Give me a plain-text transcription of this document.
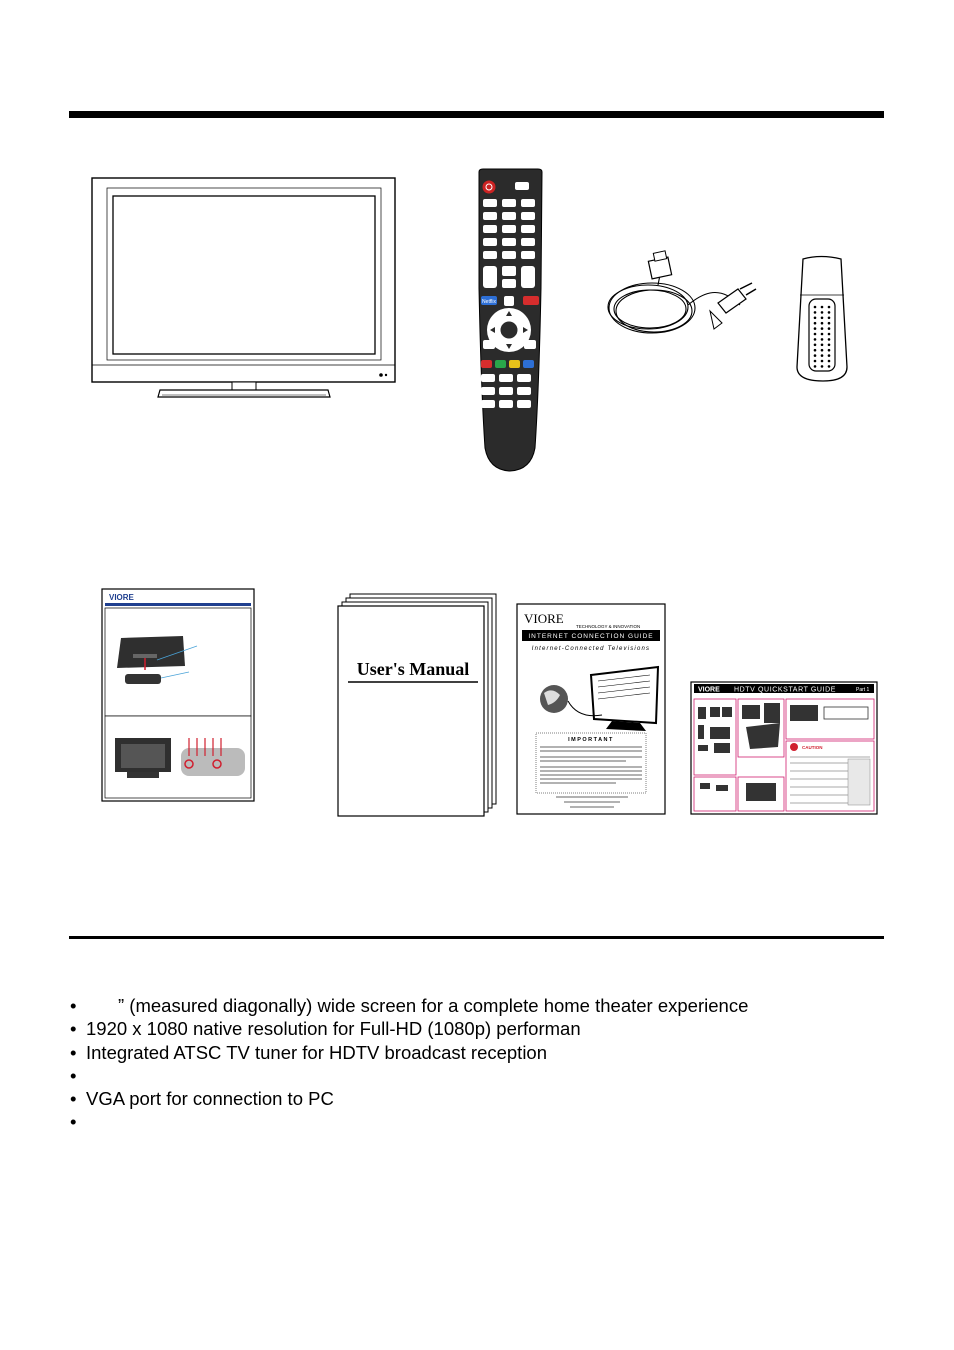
Netflix
VIORE
User's Manual
VIORE
TECHNOLOGY & INNOVATION
INTERNET CONNECTION GUIDE
Internet-Connected Televisions
IMPORTANT
VIORE HDTV QUICKSTART GUIDE	Part 1
CAUTION
• ” (measured diagonally) wide screen for a complete home theater experience
• 1920 x 1080 native resolution for Full-HD (1080p) performan
• Integrated ATSC TV tuner for HDTV broadcast reception
•
• VGA port for connection to PC
•
